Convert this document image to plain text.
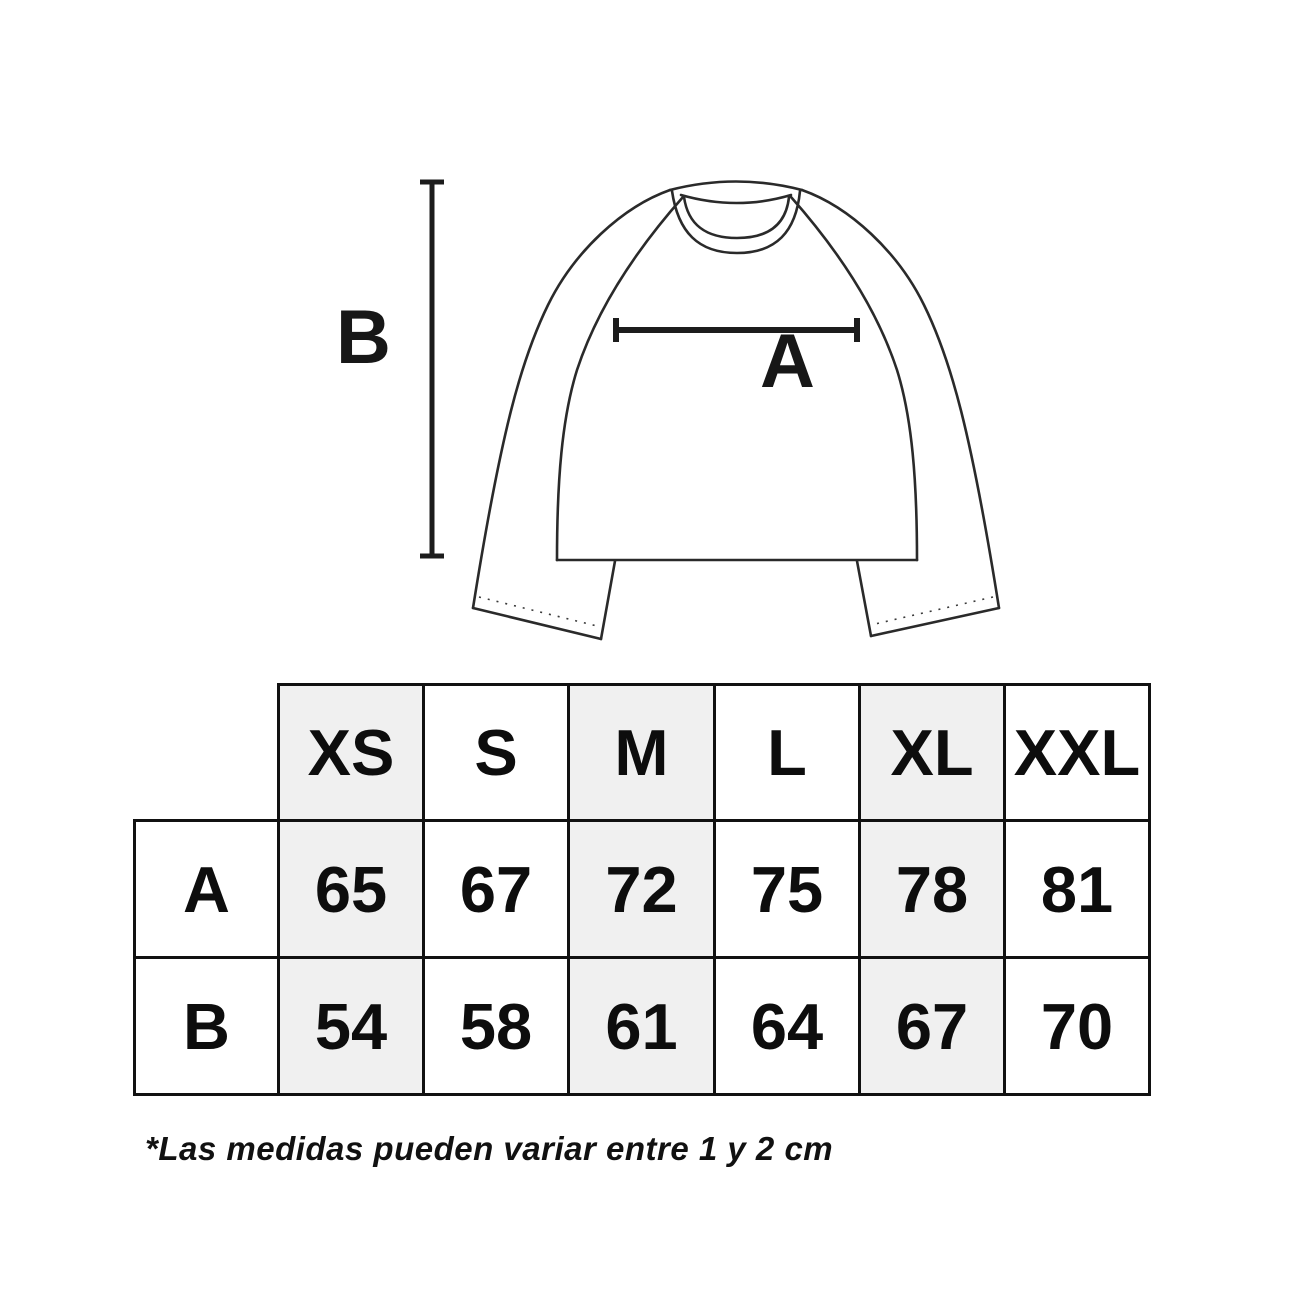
B	A
	XS	S	M	L	XL	XXL
A	65	67	72	75	78	81
B	54	58	61	64	67	70
*Las medidas pueden variar entre 1 y 2 cm
